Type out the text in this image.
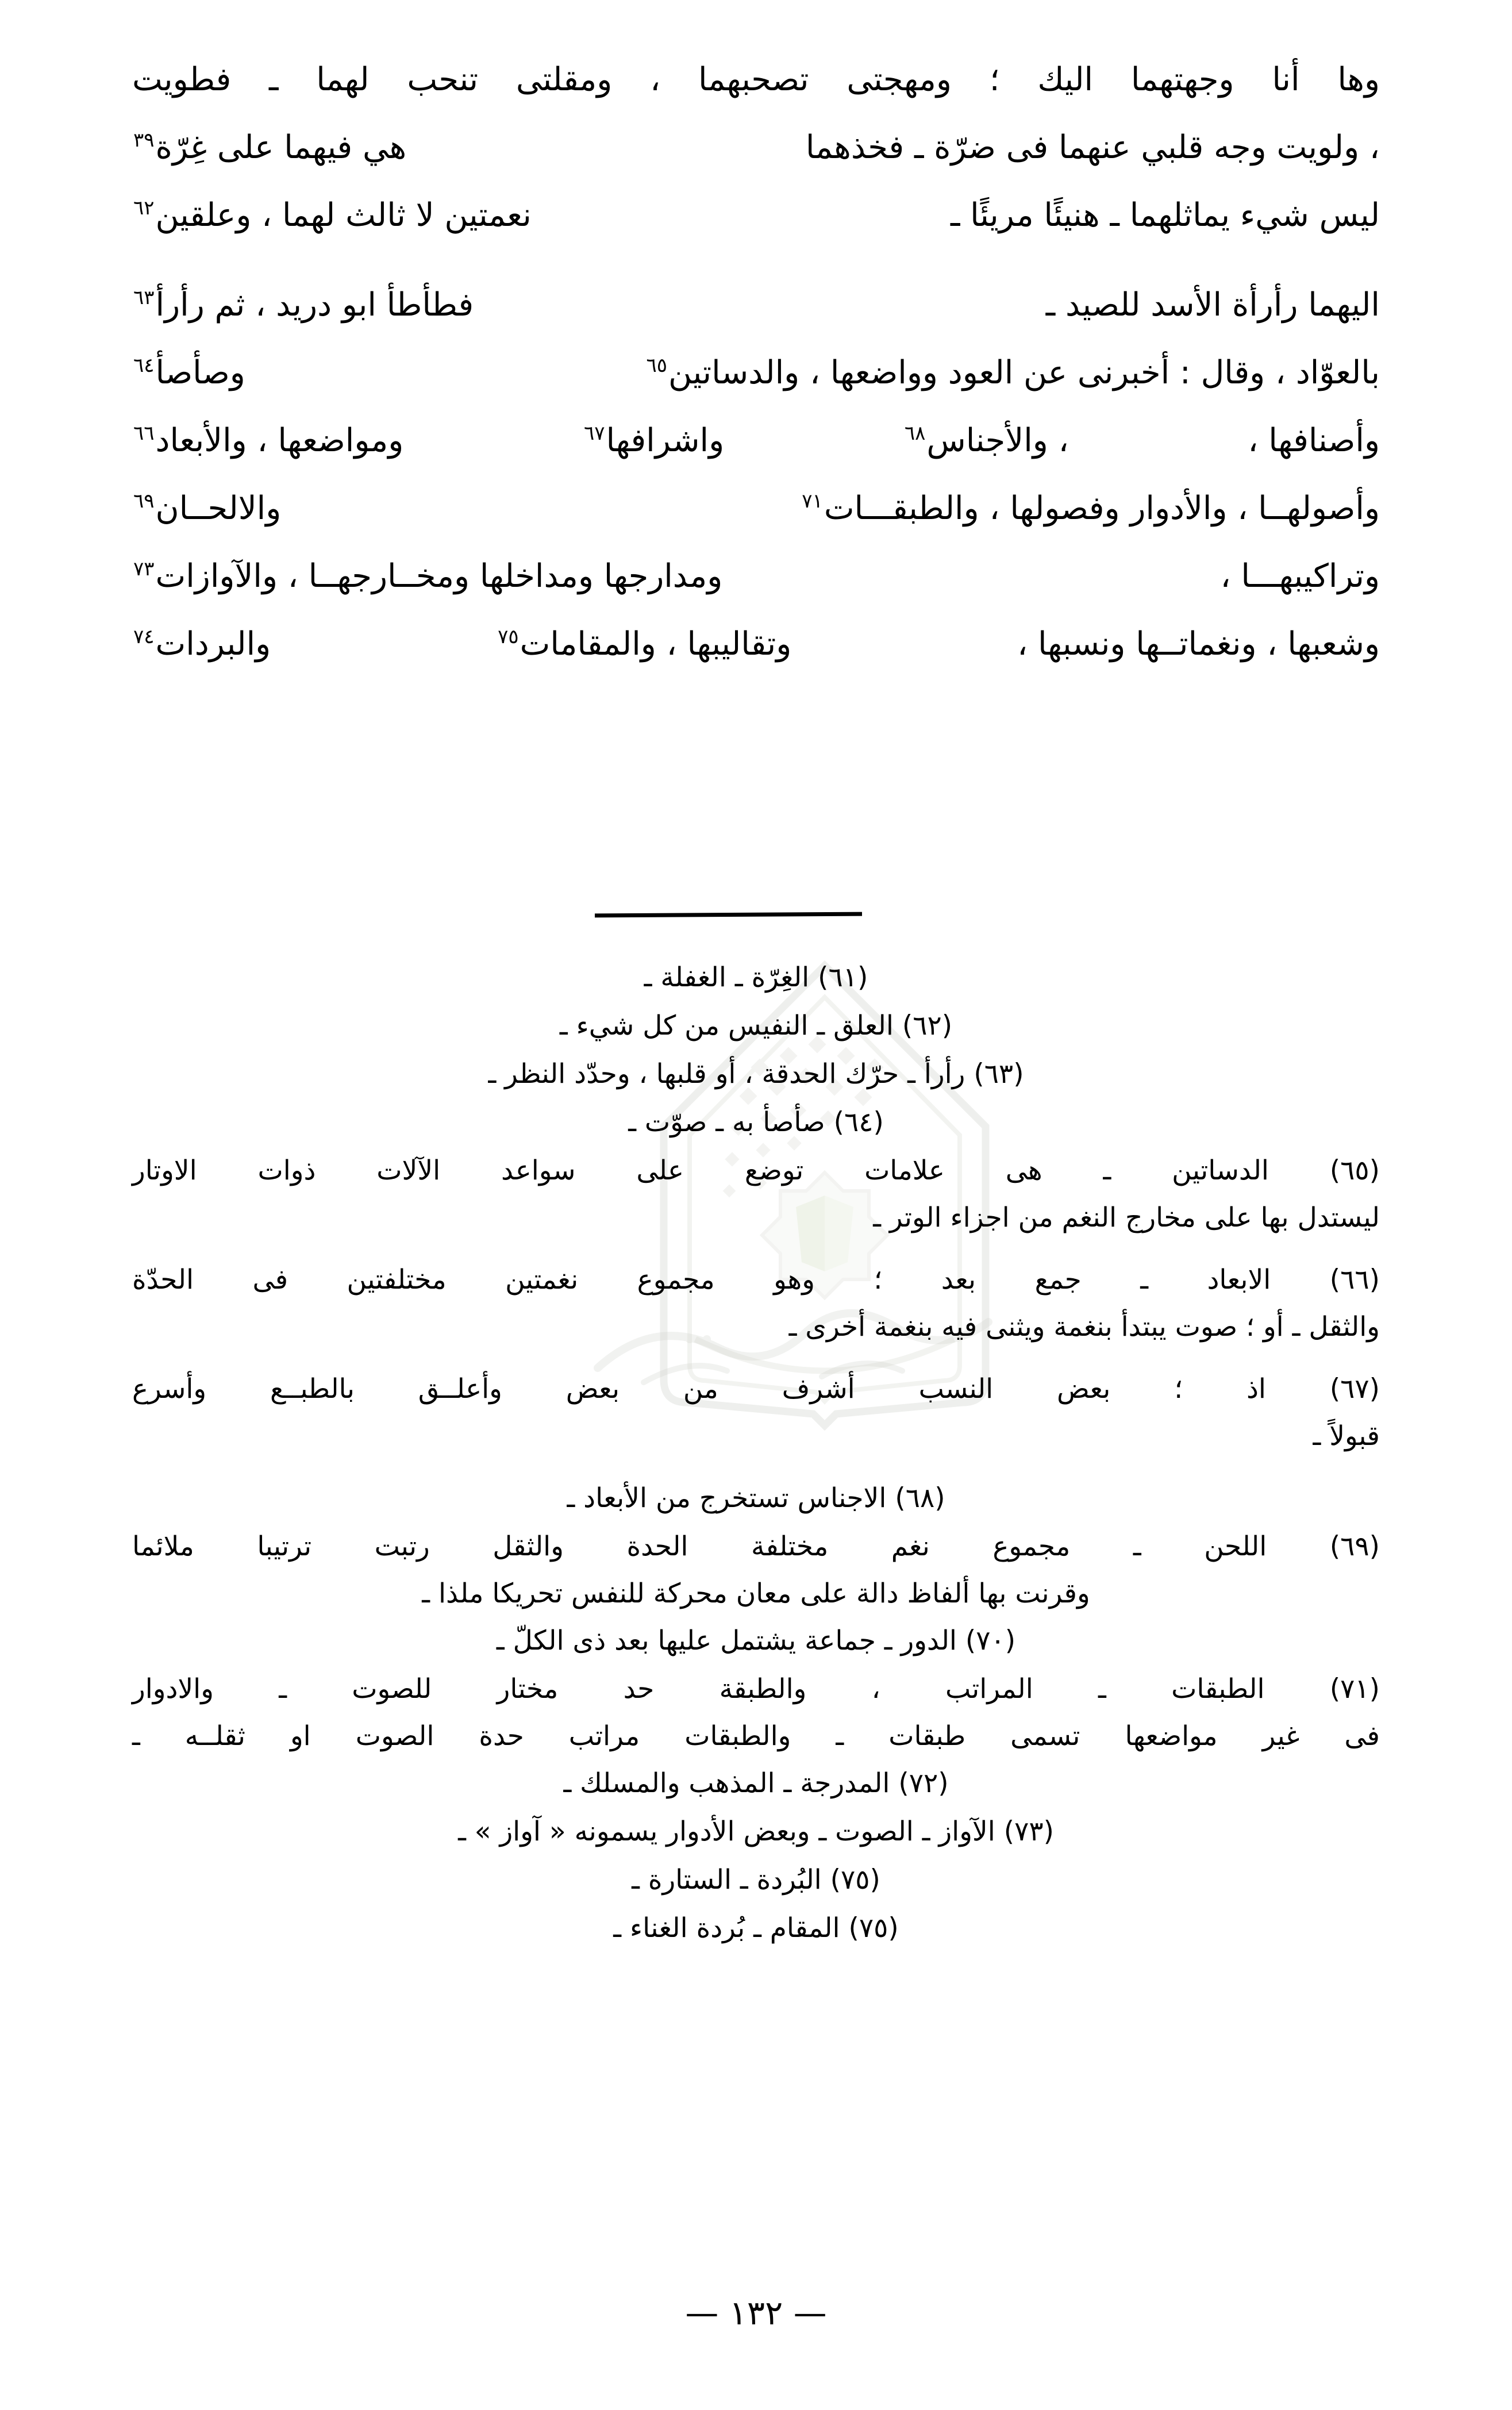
وها أنا وجهتهما اليك ؛ ومهجتى تصحبهما ، ومقلتى تنحب لهما ـ فطويت
، ولويت وجه قلبي عنهما فى ضرّة ـ فخذهما
هي فيهما على غِرّة$^{٣٩}$
ليس شيء يماثلهما ـ هنيئًا مريئًا ـ
نعمتين لا ثالث لهما ، وعلقين$^{٦٢}$
اليهما رأرأة الأسد للصيد ـ
فطأطأ ابو دريد ، ثم رأرأ$^{٦٣}$
بالعوّاد ، وقال : أخبرنى عن العود وواضعها ، والدساتين$^{٦٥}$
وصأصأ$^{٦٤}$
وأصنافها ،
، والأجناس$^{٦٨}$
واشرافها$^{٦٧}$
ومواضعها ، والأبعاد$^{٦٦}$
وأصولهــا ، والأدوار وفصولها ، والطبقـــات$^{٧١}$
والالحــان$^{٦٩}$
وتراكيبهـــا ،
ومدارجها ومداخلها ومخــارجهــا ، والآوازات$^{٧٣}$
وشعبها ، ونغماتــها ونسبها ،
وتقاليبها ، والمقامات$^{٧٥}$
والبردات$^{٧٤}$
(٦١) الغِرّة ـ الغفلة ـ
(٦٢) العلق ـ النفيس من كل شيء ـ
(٦٣) رأرأ ـ حرّك الحدقة ، أو قلبها ، وحدّد النظر ـ
(٦٤) صأصأ به ـ صوّت ـ
(٦٥) الدساتين ـ هى علامات توضع على سواعد الآلات ذوات الاوتار
ليستدل بها على مخارج النغم من اجزاء الوتر ـ
(٦٦) الابعاد ـ جمع بعد ؛ وهو مجموع نغمتين مختلفتين فى الحدّة
والثقل ـ أو ؛ صوت يبتدأ بنغمة ويثنى فيه بنغمة أخرى ـ
(٦٧) اذ ؛ بعض النسب أشرف من بعض وأعلــق بالطبــع وأسرع
قبولاً ـ
(٦٨) الاجناس تستخرج من الأبعاد ـ
(٦٩) اللحن ـ مجموع نغم مختلفة الحدة والثقل رتبت ترتيبا ملائما
وقرنت بها ألفاظ دالة على معان محركة للنفس تحريكا ملذا ـ
(٧٠) الدور ـ جماعة يشتمل عليها بعد ذى الكلّ ـ
(٧١) الطبقات ـ المراتب ، والطبقة حد مختار للصوت ـ والادوار
فى غير مواضعها تسمى طبقات ـ والطبقات مراتب حدة الصوت او ثقلــه ـ
(٧٢) المدرجة ـ المذهب والمسلك ـ
(٧٣) الآواز ـ الصوت ـ وبعض الأدوار يسمونه « آواز » ـ
(٧٥) البُردة ـ الستارة ـ
(٧٥) المقام ـ بُردة الغناء ـ
— ١٣٢ —
